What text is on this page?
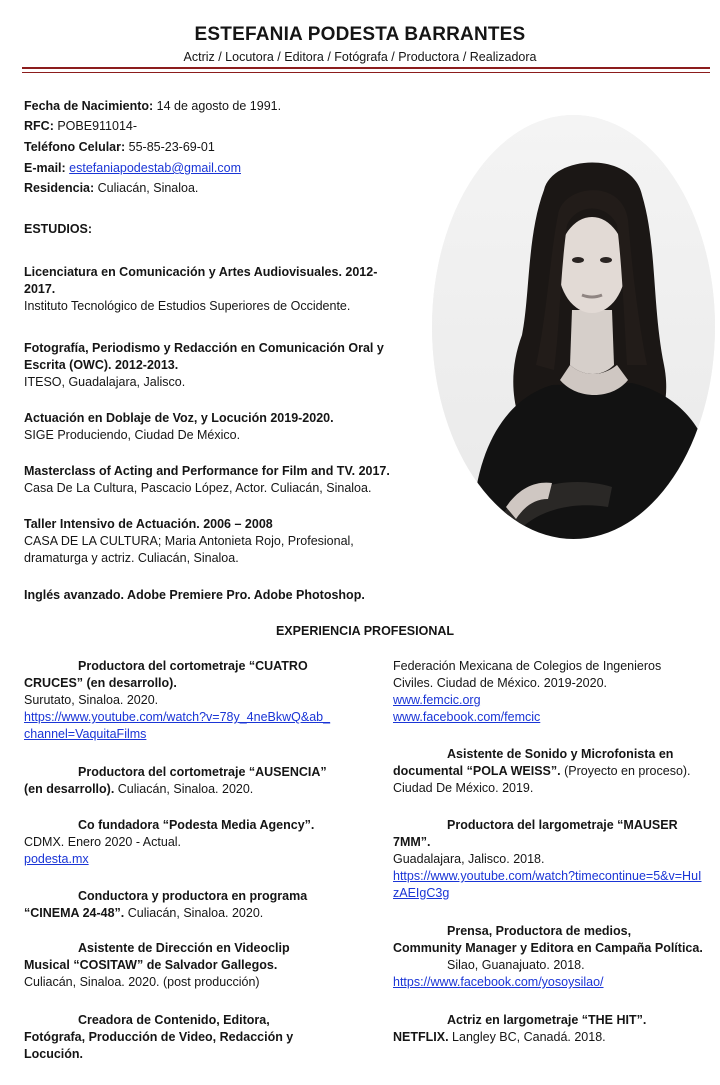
ESTEFANIA PODESTA BARRANTES
Actriz / Locutora / Editora / Fotógrafa / Productora / Realizadora
Fecha de Nacimiento: 14 de agosto de 1991.
RFC: POBE911014-
Teléfono Celular: 55-85-23-69-01
E-mail: estefaniapodestab@gmail.com
Residencia: Culiacán, Sinaloa.
ESTUDIOS:
Licenciatura en Comunicación y Artes Audiovisuales. 2012-
2017.
Instituto Tecnológico de Estudios Superiores de Occidente.
Fotografía, Periodismo y Redacción en Comunicación Oral y
Escrita (OWC). 2012-2013.
ITESO, Guadalajara, Jalisco.
Actuación en Doblaje de Voz, y Locución 2019-2020.
SIGE Produciendo, Ciudad De México.
Masterclass of Acting and Performance for Film and TV. 2017.
Casa De La Cultura, Pascacio López, Actor. Culiacán, Sinaloa.
Taller Intensivo de Actuación. 2006 – 2008
CASA DE LA CULTURA; Maria Antonieta Rojo, Profesional,
dramaturga y actriz. Culiacán, Sinaloa.
Inglés avanzado. Adobe Premiere Pro. Adobe Photoshop.
EXPERIENCIA PROFESIONAL
Productora del cortometraje “CUATRO
CRUCES” (en desarrollo).
Surutato, Sinaloa. 2020.
https://www.youtube.com/watch?v=78y_4neBkwQ&ab_
channel=VaquitaFilms
Productora del cortometraje “AUSENCIA”
(en desarrollo). Culiacán, Sinaloa. 2020.
Co fundadora “Podesta Media Agency”.
CDMX. Enero 2020 - Actual.
podesta.mx
Conductora y productora en programa
“CINEMA 24-48”. Culiacán, Sinaloa. 2020.
Asistente de Dirección en Videoclip
Musical “COSITAW” de Salvador Gallegos.
Culiacán, Sinaloa. 2020. (post producción)
Creadora de Contenido, Editora,
Fotógrafa, Producción de Video, Redacción y
Locución.
Federación Mexicana de Colegios de Ingenieros
Civiles. Ciudad de México. 2019-2020.
www.femcic.org
www.facebook.com/femcic
Asistente de Sonido y Microfonista en
documental “POLA WEISS”. (Proyecto en proceso).
Ciudad De México. 2019.
Productora del largometraje “MAUSER
7MM”.
Guadalajara, Jalisco. 2018.
https://www.youtube.com/watch?timecontinue=5&v=HuI
zAEIgC3g
Prensa, Productora de medios,
Community Manager y Editora en Campaña Política.
Silao, Guanajuato. 2018.
https://www.facebook.com/yosoysilao/
Actriz en largometraje “THE HIT”.
NETFLIX. Langley BC, Canadá. 2018.
